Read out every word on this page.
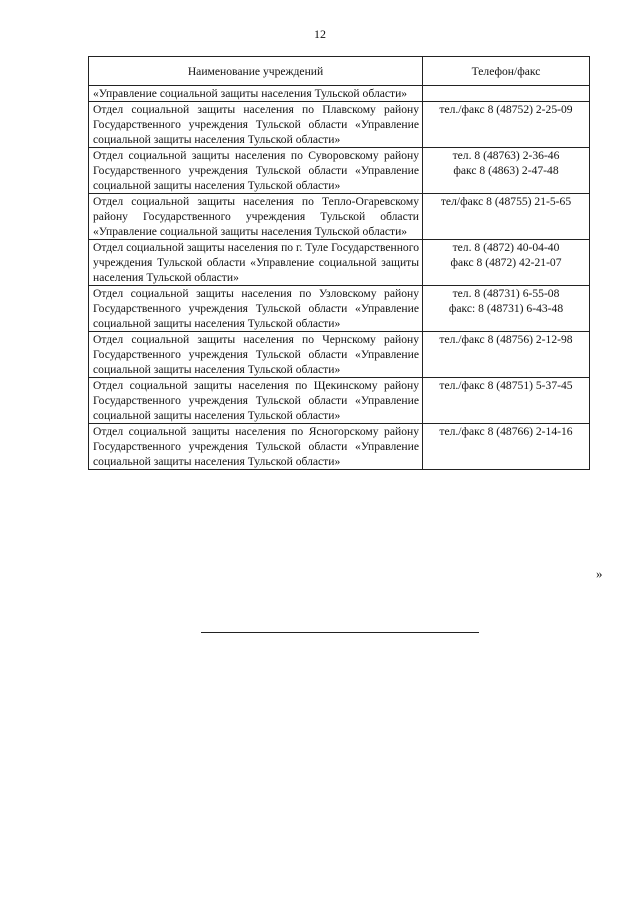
12
Наименование учреждений	Телефон/факс
«Управление социальной защиты населения Тульской области»	
Отдел социальной защиты населения по Плавскому району Государственного учреждения Тульской области «Управление социальной защиты населения Тульской области»	тел./факс 8 (48752) 2-25-09

Отдел социальной защиты населения по Суворовскому району Государственного учреждения Тульской области «Управление социальной защиты населения Тульской области»	тел. 8 (48763) 2-36-46
факс 8 (4863) 2-47-48

Отдел социальной защиты населения по Тепло-Огаревскому району Государственного учреждения Тульской области «Управление социальной защиты населения Тульской области»	тел/факс 8 (48755) 21-5-65

Отдел социальной защиты населения по г. Туле Государственного учреждения Тульской области «Управление социальной защиты населения Тульской области»	тел. 8 (4872) 40-04-40
факс 8 (4872) 42-21-07

Отдел социальной защиты населения по Узловскому району Государственного учреждения Тульской области «Управление социальной защиты населения Тульской области»	тел. 8 (48731) 6-55-08
факс: 8 (48731) 6-43-48

Отдел социальной защиты населения по Чернскому району Государственного учреждения Тульской области «Управление социальной защиты населения Тульской области»	тел./факс 8 (48756) 2-12-98

Отдел социальной защиты населения по Щекинскому району Государственного учреждения Тульской области «Управление социальной защиты населения Тульской области»	тел./факс 8 (48751) 5-37-45

Отдел социальной защиты населения по Ясногорскому району Государственного учреждения Тульской области «Управление социальной защиты населения Тульской области»	тел./факс 8 (48766) 2-14-16
»
